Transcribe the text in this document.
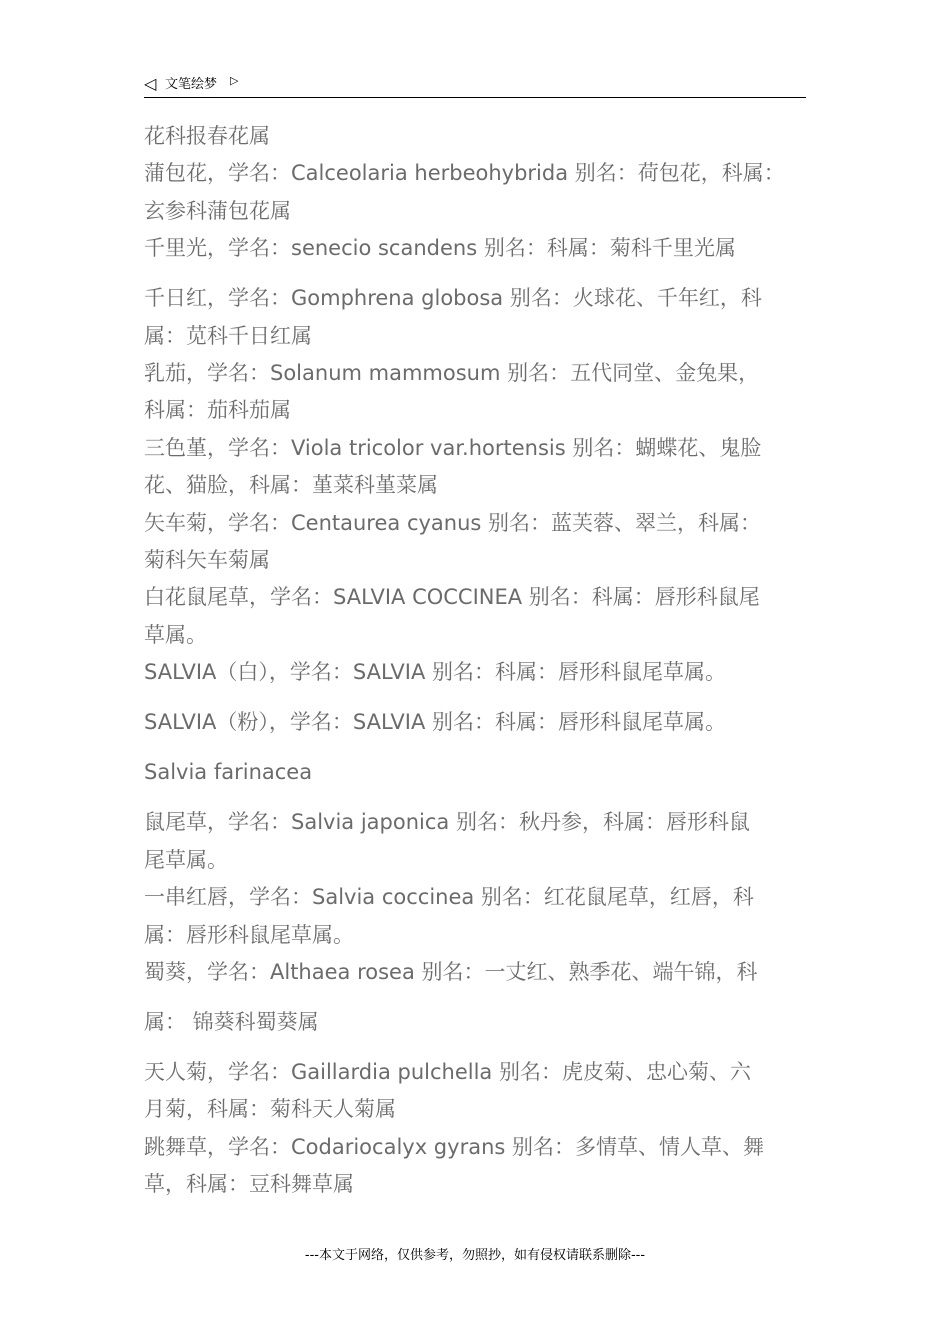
◁ 文笔绘梦 ▷

花科报春花属

蒲包花，学名：Calceolaria herbeohybrida 别名：荷包花，科属：

玄参科蒲包花属

千里光，学名：senecio scandens 别名：科属：菊科千里光属

千日红，学名：Gomphrena globosa 别名：火球花、千年红，科

属：苋科千日红属

乳茄，学名：Solanum mammosum 别名：五代同堂、金兔果，

科属：茄科茄属

三色堇，学名：Viola tricolor var.hortensis 别名：蝴蝶花、鬼脸

花、猫脸，科属：堇菜科堇菜属

矢车菊，学名：Centaurea cyanus 别名：蓝芙蓉、翠兰，科属：

菊科矢车菊属

白花鼠尾草，学名：SALVIA COCCINEA 别名：科属：唇形科鼠尾

草属。

SALVIA（白），学名：SALVIA 别名：科属：唇形科鼠尾草属。

SALVIA（粉），学名：SALVIA 别名：科属：唇形科鼠尾草属。

Salvia farinacea

鼠尾草，学名：Salvia japonica 别名：秋丹参，科属：唇形科鼠

尾草属。

一串红唇，学名：Salvia coccinea 别名：红花鼠尾草，红唇，科

属：唇形科鼠尾草属。

蜀葵，学名：Althaea rosea 别名：一丈红、熟季花、端午锦，科

属： 锦葵科蜀葵属

天人菊，学名：Gaillardia pulchella 别名：虎皮菊、忠心菊、六

月菊，科属：菊科天人菊属

跳舞草，学名：Codariocalyx gyrans 别名：多情草、情人草、舞

草，科属：豆科舞草属

---本文于网络，仅供参考，勿照抄，如有侵权请联系删除---
